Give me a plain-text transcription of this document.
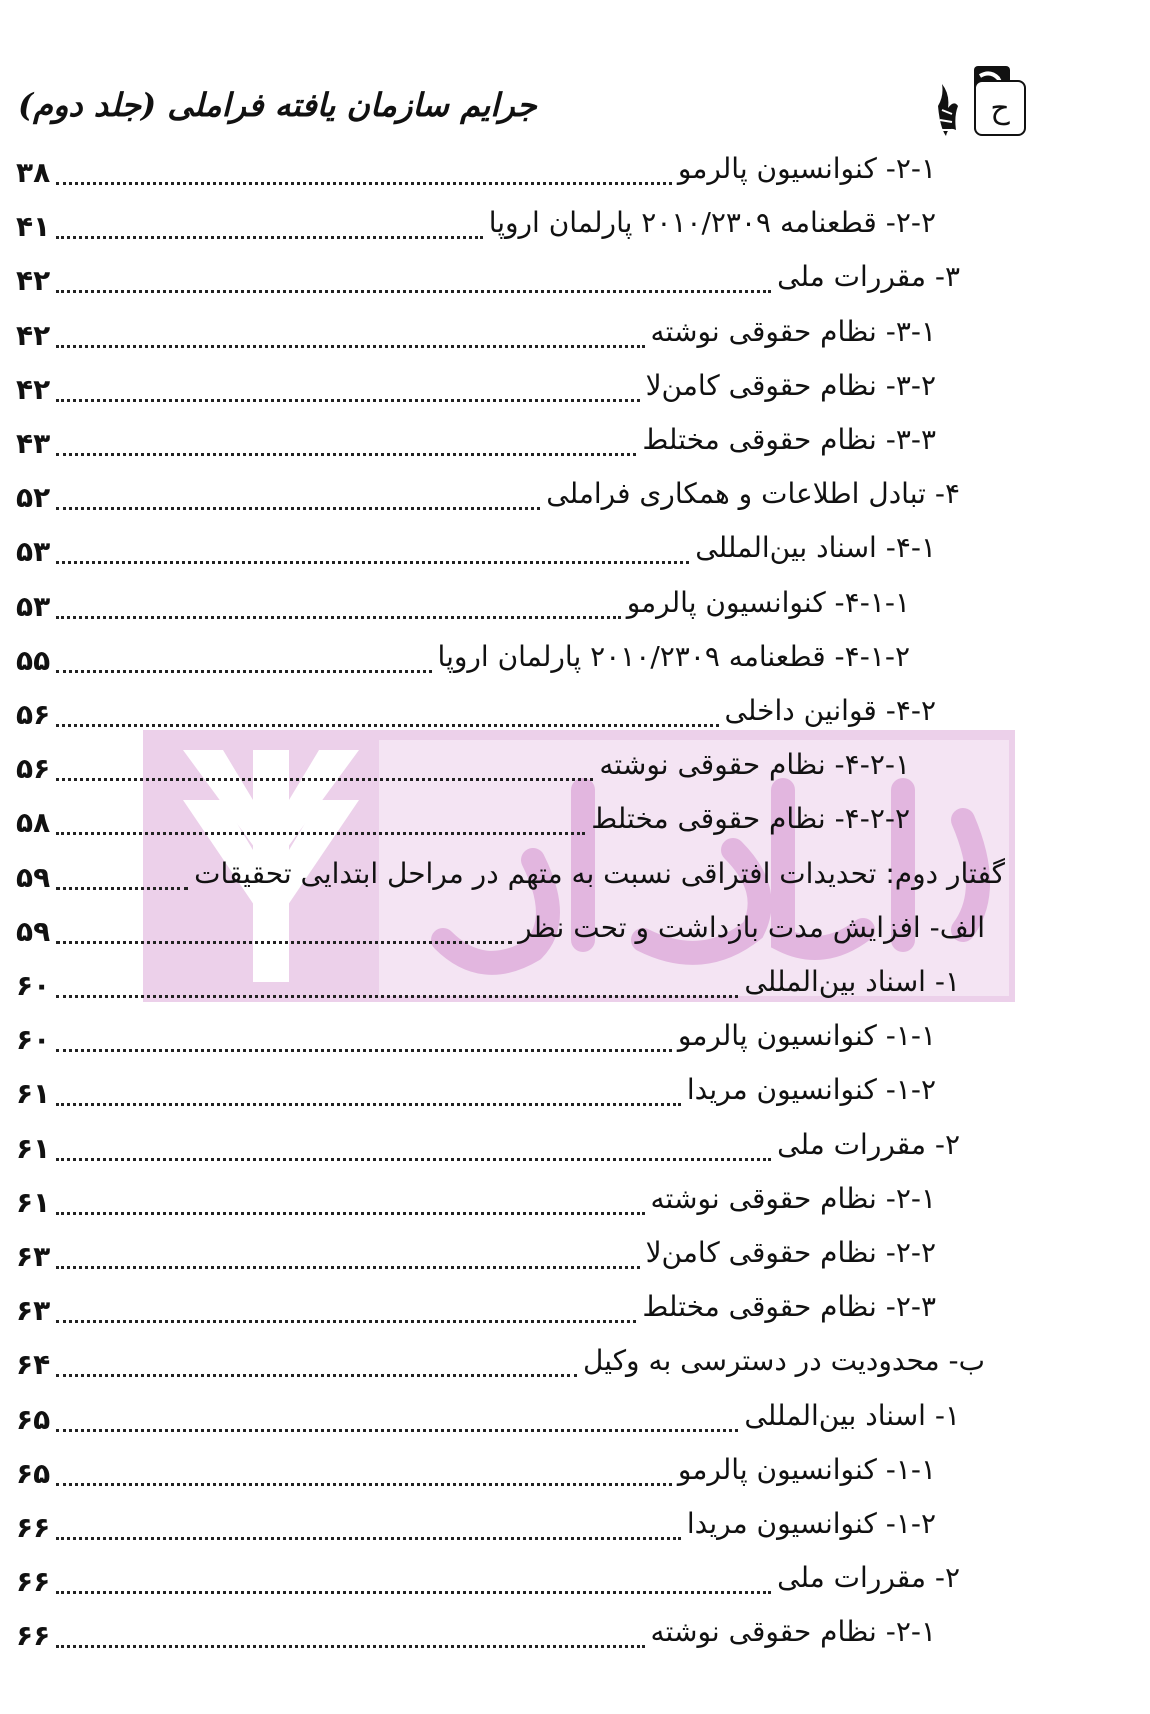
جرایم سازمان یافته فراملی (جلد دوم)	ح
۳۸	۲-۱- کنوانسیون پالرمو
۴۱	۲-۲- قطعنامه ۲۰۱۰/۲۳۰۹ پارلمان اروپا
۴۲	۳- مقررات ملی
۴۲	۳-۱- نظام حقوقی نوشته
۴۲	۳-۲- نظام حقوقی کامن‌لا
۴۳	۳-۳- نظام حقوقی مختلط
۵۲	۴- تبادل اطلاعات و همکاری فراملی
۵۳	۴-۱- اسناد بین‌المللی
۵۳	۴-۱-۱- کنوانسیون پالرمو
۵۵	۴-۱-۲- قطعنامه ۲۰۱۰/۲۳۰۹ پارلمان اروپا
۵۶	۴-۲- قوانین داخلی
۵۶	۴-۲-۱- نظام حقوقی نوشته
۵۸	۴-۲-۲- نظام حقوقی مختلط
۵۹	گفتار دوم: تحدیدات افتراقی نسبت به متهم در مراحل ابتدایی تحقیقات
۵۹	الف- افزایش مدت بازداشت و تحت نظر
۶۰	۱- اسناد بین‌المللی
۶۰	۱-۱- کنوانسیون پالرمو
۶۱	۱-۲- کنوانسیون مریدا
۶۱	۲- مقررات ملی
۶۱	۲-۱- نظام حقوقی نوشته
۶۳	۲-۲- نظام حقوقی کامن‌لا
۶۳	۲-۳- نظام حقوقی مختلط
۶۴	ب- محدودیت در دسترسی به وکیل
۶۵	۱- اسناد بین‌المللی
۶۵	۱-۱- کنوانسیون پالرمو
۶۶	۱-۲- کنوانسیون مریدا
۶۶	۲- مقررات ملی
۶۶	۲-۱- نظام حقوقی نوشته
